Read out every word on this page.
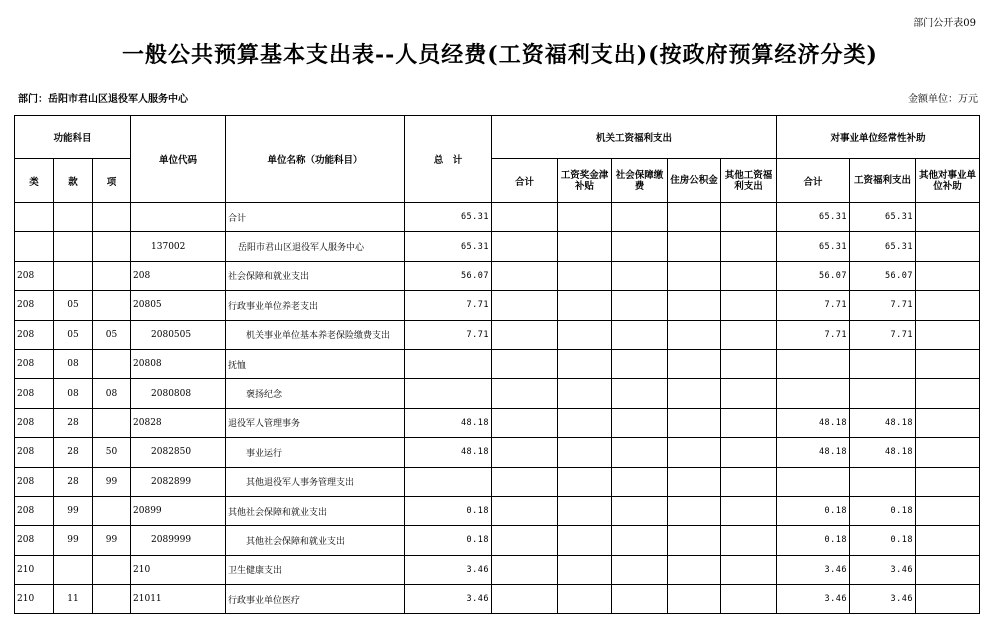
部门公开表09
一般公共预算基本支出表--人员经费(工资福利支出)(按政府预算经济分类)
部门：岳阳市君山区退役军人服务中心	金额单位：万元
功能科目			单位代码	单位名称（功能科目）	总　计	机关工资福利支出					对事业单位经常性补助		
类	款	项				合计	工资奖金津补贴	社会保障缴费	住房公积金	其他工资福利支出	合计	工资福利支出	其他对事业单位补助
				合计	65.31						65.31	65.31	
			137002	岳阳市君山区退役军人服务中心	65.31						65.31	65.31	
208			208	社会保障和就业支出	56.07						56.07	56.07	
208	05		20805	行政事业单位养老支出	7.71						7.71	7.71	
208	05	05	2080505	机关事业单位基本养老保险缴费支出	7.71						7.71	7.71	
208	08		20808	抚恤									
208	08	08	2080808	褒扬纪念									
208	28		20828	退役军人管理事务	48.18						48.18	48.18	
208	28	50	2082850	事业运行	48.18						48.18	48.18	
208	28	99	2082899	其他退役军人事务管理支出									
208	99		20899	其他社会保障和就业支出	0.18						0.18	0.18	
208	99	99	2089999	其他社会保障和就业支出	0.18						0.18	0.18	
210			210	卫生健康支出	3.46						3.46	3.46	
210	11		21011	行政事业单位医疗	3.46						3.46	3.46	
